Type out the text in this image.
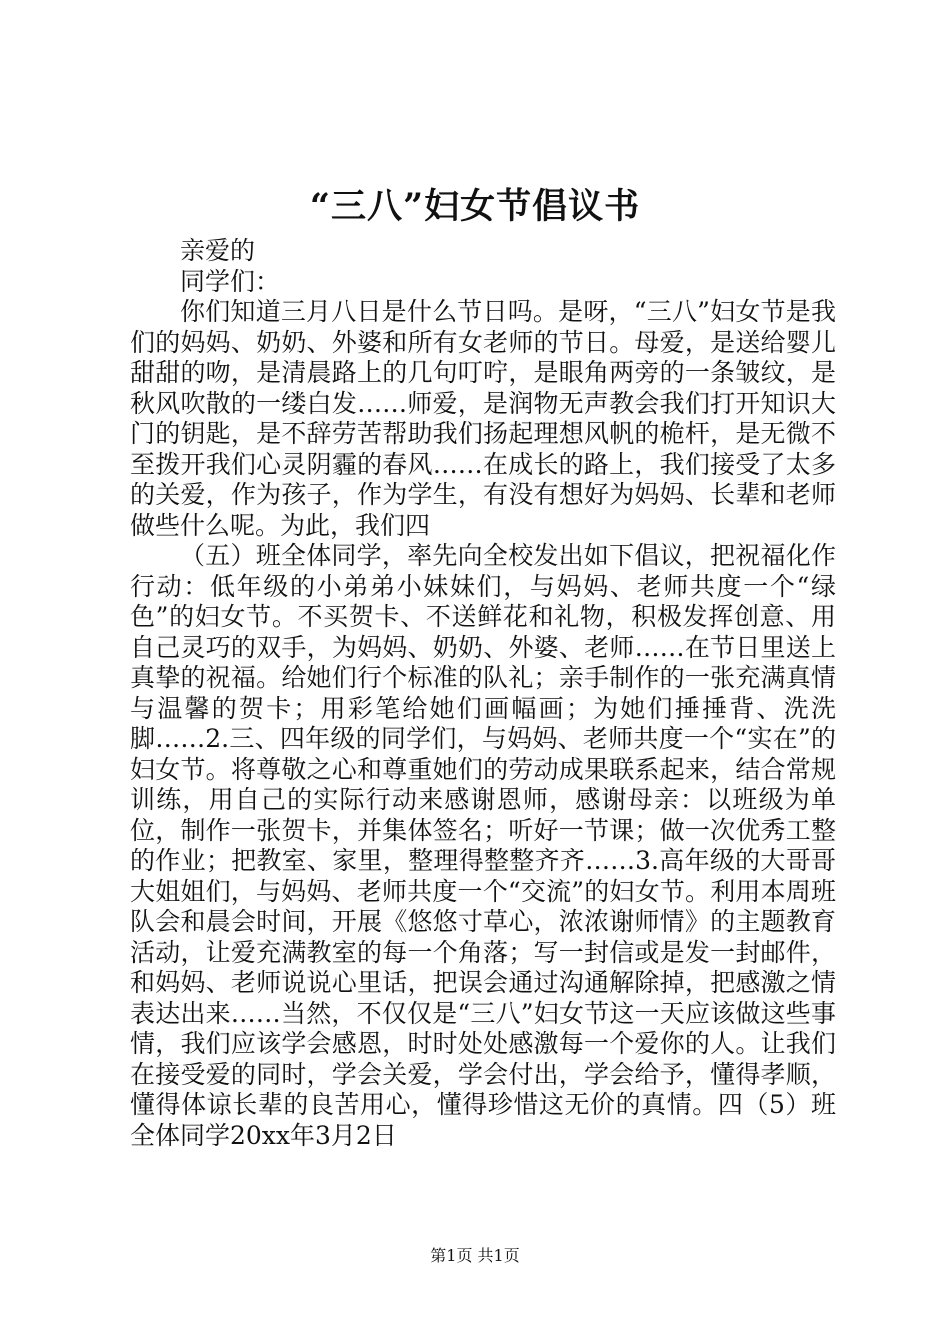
“三八”妇女节倡议书

亲爱的

同学们：

你们知道三月八日是什么节日吗。是呀，“三八”妇女节是我们的妈妈、奶奶、外婆和所有女老师的节日。母爱，是送给婴儿甜甜的吻，是清晨路上的几句叮咛，是眼角两旁的一条皱纹，是秋风吹散的一缕白发……师爱，是润物无声教会我们打开知识大门的钥匙，是不辞劳苦帮助我们扬起理想风帆的桅杆，是无微不至拨开我们心灵阴霾的春风……在成长的路上，我们接受了太多的关爱，作为孩子，作为学生，有没有想好为妈妈、长辈和老师做些什么呢。为此，我们四

（五）班全体同学，率先向全校发出如下倡议，把祝福化作行动：低年级的小弟弟小妹妹们，与妈妈、老师共度一个“绿色”的妇女节。不买贺卡、不送鲜花和礼物，积极发挥创意、用自己灵巧的双手，为妈妈、奶奶、外婆、老师……在节日里送上真挚的祝福。给她们行个标准的队礼；亲手制作的一张充满真情与温馨的贺卡；用彩笔给她们画幅画；为她们捶捶背、洗洗脚……2.三、四年级的同学们，与妈妈、老师共度一个“实在”的妇女节。将尊敬之心和尊重她们的劳动成果联系起来，结合常规训练，用自己的实际行动来感谢恩师，感谢母亲：以班级为单位，制作一张贺卡，并集体签名；听好一节课；做一次优秀工整的作业；把教室、家里，整理得整整齐齐……3.高年级的大哥哥大姐姐们，与妈妈、老师共度一个“交流”的妇女节。利用本周班队会和晨会时间，开展《悠悠寸草心，浓浓谢师情》的主题教育活动，让爱充满教室的每一个角落；写一封信或是发一封邮件，和妈妈、老师说说心里话，把误会通过沟通解除掉，把感激之情表达出来……当然，不仅仅是“三八”妇女节这一天应该做这些事情，我们应该学会感恩，时时处处感激每一个爱你的人。让我们在接受爱的同时，学会关爱，学会付出，学会给予，懂得孝顺，懂得体谅长辈的良苦用心，懂得珍惜这无价的真情。四（5）班全体同学20xx年3月2日

第1页 共1页
